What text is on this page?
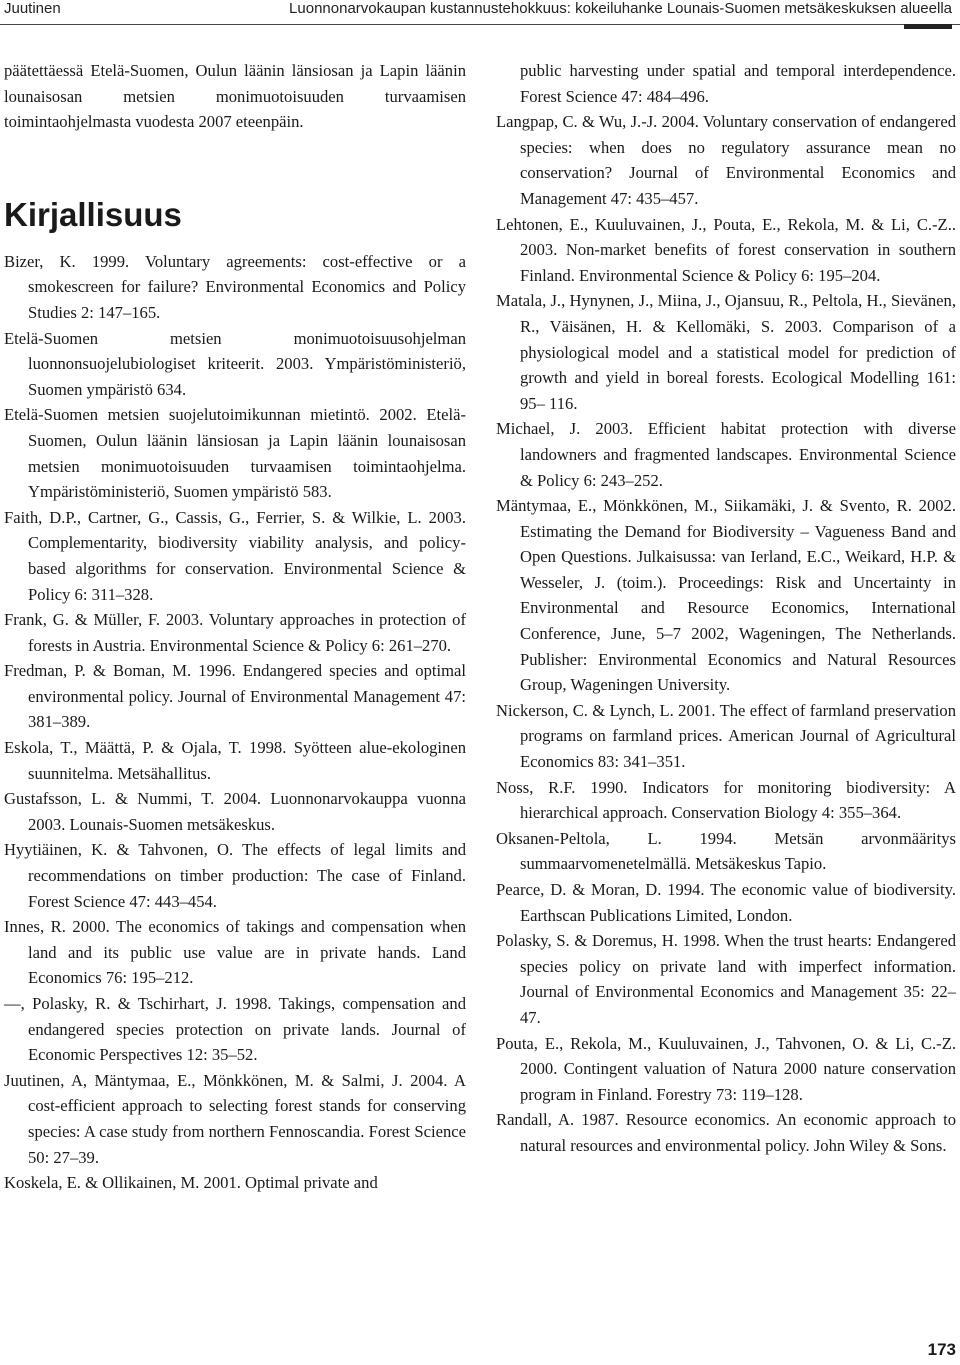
Juutinen	Luonnonarvokaupan kustannustehokkuus: kokeiluhanke Lounais-Suomen metsäkeskuksen alueella

päätettäessä Etelä-Suomen, Oulun läänin länsiosan ja Lapin läänin lounaisosan metsien monimuotoisuuden turvaamisen toimintaohjelmasta vuodesta 2007 eteenpäin.

Kirjallisuus

Bizer, K. 1999. Voluntary agreements: cost-effective or a smokescreen for failure? Environmental Economics and Policy Studies 2: 147–165.

Etelä-Suomen metsien monimuotoisuusohjelman luonnonsuojelubiologiset kriteerit. 2003. Ympäristöministeriö, Suomen ympäristö 634.

Etelä-Suomen metsien suojelutoimikunnan mietintö. 2002. Etelä-Suomen, Oulun läänin länsiosan ja Lapin läänin lounaisosan metsien monimuotoisuuden turvaamisen toimintaohjelma. Ympäristöministeriö, Suomen ympäristö 583.

Faith, D.P., Cartner, G., Cassis, G., Ferrier, S. & Wilkie, L. 2003. Complementarity, biodiversity viability analysis, and policy-based algorithms for conservation. Environmental Science & Policy 6: 311–328.

Frank, G. & Müller, F. 2003. Voluntary approaches in protection of forests in Austria. Environmental Science & Policy 6: 261–270.

Fredman, P. & Boman, M. 1996. Endangered species and optimal environmental policy. Journal of Environmental Management 47: 381–389.

Eskola, T., Määttä, P. & Ojala, T. 1998. Syötteen alue-ekologinen suunnitelma. Metsähallitus.

Gustafsson, L. & Nummi, T. 2004. Luonnonarvokauppa vuonna 2003. Lounais-Suomen metsäkeskus.

Hyytiäinen, K. & Tahvonen, O. The effects of legal limits and recommendations on timber production: The case of Finland. Forest Science 47: 443–454.

Innes, R. 2000. The economics of takings and compensation when land and its public use value are in private hands. Land Economics 76: 195–212.

—, Polasky, R. & Tschirhart, J. 1998. Takings, compensation and endangered species protection on private lands. Journal of Economic Perspectives 12: 35–52.

Juutinen, A, Mäntymaa, E., Mönkkönen, M. & Salmi, J. 2004. A cost-efficient approach to selecting forest stands for conserving species: A case study from northern Fennoscandia. Forest Science 50: 27–39.

Koskela, E. & Ollikainen, M. 2001. Optimal private and

public harvesting under spatial and temporal interdependence. Forest Science 47: 484–496.

Langpap, C. & Wu, J.-J. 2004. Voluntary conservation of endangered species: when does no regulatory assurance mean no conservation? Journal of Environmental Economics and Management 47: 435–457.

Lehtonen, E., Kuuluvainen, J., Pouta, E., Rekola, M. & Li, C.-Z.. 2003. Non-market benefits of forest conservation in southern Finland. Environmental Science & Policy 6: 195–204.

Matala, J., Hynynen, J., Miina, J., Ojansuu, R., Peltola, H., Sievänen, R., Väisänen, H. & Kellomäki, S. 2003. Comparison of a physiological model and a statistical model for prediction of growth and yield in boreal forests. Ecological Modelling 161: 95– 116.

Michael, J. 2003. Efficient habitat protection with diverse landowners and fragmented landscapes. Environmental Science & Policy 6: 243–252.

Mäntymaa, E., Mönkkönen, M., Siikamäki, J. & Svento, R. 2002. Estimating the Demand for Biodiversity – Vagueness Band and Open Questions. Julkaisussa: van Ierland, E.C., Weikard, H.P. & Wesseler, J. (toim.). Proceedings: Risk and Uncertainty in Environmental and Resource Economics, International Conference, June, 5–7 2002, Wageningen, The Netherlands. Publisher: Environmental Economics and Natural Resources Group, Wageningen University.

Nickerson, C. & Lynch, L. 2001. The effect of farmland preservation programs on farmland prices. American Journal of Agricultural Economics 83: 341–351.

Noss, R.F. 1990. Indicators for monitoring biodiversity: A hierarchical approach. Conservation Biology 4: 355–364.

Oksanen-Peltola, L. 1994. Metsän arvonmääritys summaarvomenetelmällä. Metsäkeskus Tapio.

Pearce, D. & Moran, D. 1994. The economic value of biodiversity. Earthscan Publications Limited, London.

Polasky, S. & Doremus, H. 1998. When the trust hearts: Endangered species policy on private land with imperfect information. Journal of Environmental Economics and Management 35: 22–47.

Pouta, E., Rekola, M., Kuuluvainen, J., Tahvonen, O. & Li, C.-Z. 2000. Contingent valuation of Natura 2000 nature conservation program in Finland. Forestry 73: 119–128.

Randall, A. 1987. Resource economics. An economic approach to natural resources and environmental policy. John Wiley & Sons.

173
